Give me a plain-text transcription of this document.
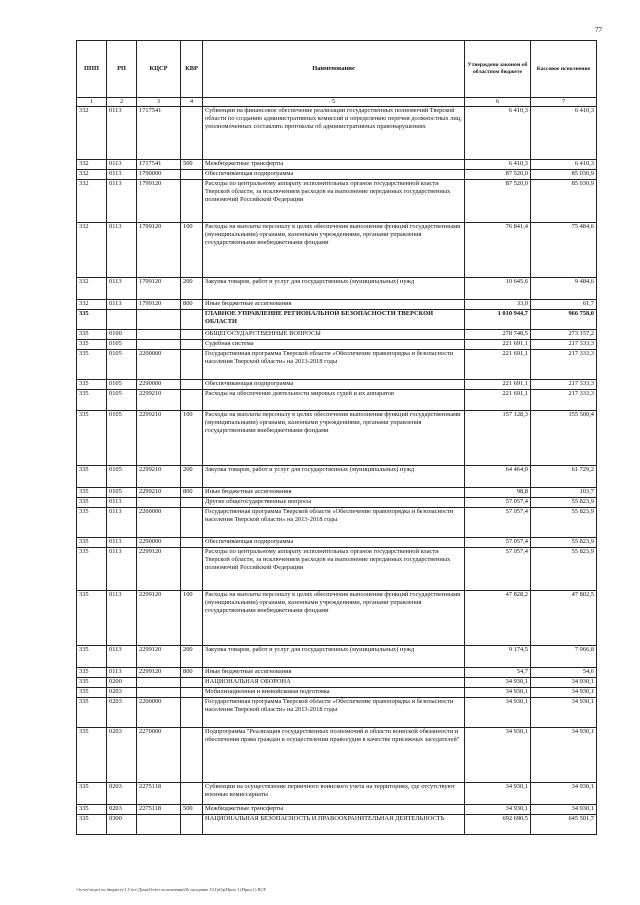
77
ППП	РП	КЦСР	КВР	Наименование	Утверждено законом об областном бюджете	Кассовое исполнение
1	2	3	4	5	6	7
332	0113	1717541		Субвенции на финансовое обеспечение реализации государственных полномочий Тверской области по созданию административных комиссий и определению перечня должностных лиц, уполномоченных составлять протоколы об административных правонарушениях	6 410,3	6 410,3
332	0113	1717541	500	Межбюджетные трансферты	6 410,3	6 410,3
332	0113	1790000		Обеспечивающая подпрограмма	87 520,0	85 030,9
332	0113	1799120		Расходы по центральному аппарату исполнительных органов государственной власти Тверской области, за исключением расходов на выполнение переданных государственных полномочий Российской Федерации	87 520,0	85 030,9
332	0113	1799120	100	Расходы на выплаты персоналу в целях обеспечения выполнения функций государственными (муниципальными) органами, казенными учреждениями, органами управления государственными внебюджетными фондами	76 841,4	75 484,6
332	0113	1799120	200	Закупка товаров, работ и услуг для государственных (муниципальных) нужд	10 645,6	9 484,6
332	0113	1799120	800	Иные бюджетные ассигнования	33,0	61,7
335				ГЛАВНОЕ УПРАВЛЕНИЕ РЕГИОНАЛЬНОЙ БЕЗОПАСНОСТИ ТВЕРСКОЙ ОБЛАСТИ	1 010 944,7	966 758,0
335	0100			ОБЩЕГОСУДАРСТВЕННЫЕ ВОПРОСЫ	278 748,5	273 157,2
335	0105			Судебная система	221 691,1	217 333,3
335	0105	2200000		Государственная программа Тверской области «Обеспечение правопорядка и безопасности населения Тверской области» на 2013-2018 годы	221 691,1	217 333,3
335	0105	2290000		Обеспечивающая подпрограмма	221 691,1	217 333,3
335	0105	2299210		Расходы на обеспечение деятельности мировых судей и их аппаратов	221 691,1	217 333,3
335	0105	2299210	100	Расходы на выплаты персоналу в целях обеспечения выполнения функций государственными (муниципальными) органами, казенными учреждениями, органами управления государственными внебюджетными фондами	157 128,3	155 500,4
335	0105	2299210	200	Закупка товаров, работ и услуг для государственных (муниципальных) нужд	64 464,0	61 729,2
335	0105	2299210	800	Иные бюджетные ассигнования	98,8	103,7
335	0113			Другие общегосударственные вопросы	57 057,4	55 823,9
335	0113	2200000		Государственная программа Тверской области «Обеспечение правопорядка и безопасности населения Тверской области» на 2013-2018 годы	57 057,4	55 823,9
335	0113	2290000		Обеспечивающая подпрограмма	57 057,4	55 823,9
335	0113	2299120		Расходы по центральному аппарату исполнительных органов государственной власти Тверской области, за исключением расходов на выполнение переданных государственных полномочий Российской Федерации	57 057,4	55 823,9
335	0113	2299120	100	Расходы на выплаты персоналу в целях обеспечения выполнения функций государственными (муниципальными) органами, казенными учреждениями, органами управления государственными внебюджетными фондами	47 828,2	47 802,5
335	0113	2299120	200	Закупка товаров, работ и услуг для государственных (муниципальных) нужд	9 174,5	7 966,8
335	0113	2299120	800	Иные бюджетные ассигнования	54,7	54,6
335	0200			НАЦИОНАЛЬНАЯ ОБОРОНА	34 930,1	34 930,1
335	0203			Мобилизационная и вневойсковая подготовка	34 930,1	34 930,1
335	0203	2200000		Государственная программа Тверской области «Обеспечение правопорядка и безопасности населения Тверской области» на 2013-2018 годы	34 930,1	34 930,1
335	0203	2270000		Подпрограмма "Реализация государственных полномочий в области воинской обязанности и обеспечения права граждан в осуществлении правосудия в качестве присяжных заседателей"	34 930,1	34 930,1
335	0203	2275118		Субвенции на осуществление первичного воинского учета на территориях, где отсутствуют военные комиссариаты	34 930,1	34 930,1
335	0203	2275118	500	Межбюджетные трансферты	34 930,1	34 930,1
335	0300			НАЦИОНАЛЬНАЯ БЕЗОПАСНОСТЬ И ПРАВООХРАНИТЕЛЬНАЯ ДЕЯТЕЛЬНОСТЬ	692 690,5	645 501,7
\\fs-srv\отдел по бюджету\1 Сесс\Дума\Отчет исполнения\06 заседание 10.ГрОр\Прил 1 (Прил 1) ВСР
